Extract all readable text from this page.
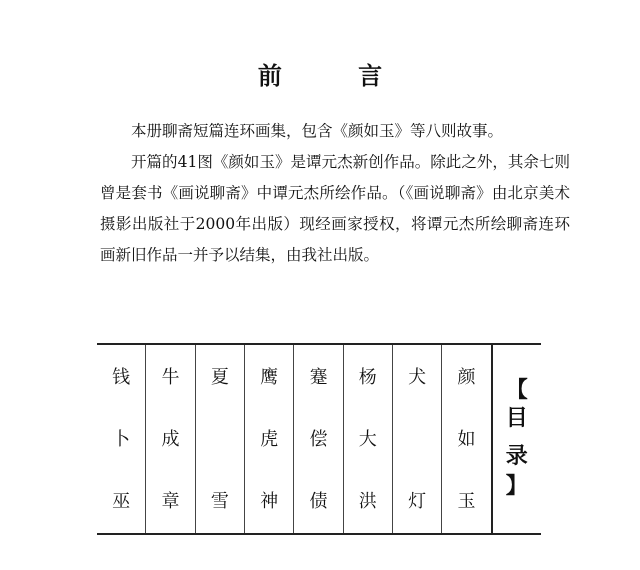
前 言

本册聊斋短篇连环画集，包含《颜如玉》等八则故事。

开篇的41图《颜如玉》是谭元杰新创作品。除此之外，其余七则曾是套书《画说聊斋》中谭元杰所绘作品。（《画说聊斋》由北京美术摄影出版社于2000年出版）现经画家授权，将谭元杰所绘聊斋连环画新旧作品一并予以结集，由我社出版。

钱
卜
巫
牛
成
章
夏
雪
鹰
虎
神
蹇
偿
债
杨
大
洪
犬
灯
颜
如
玉
【
目
录
】
